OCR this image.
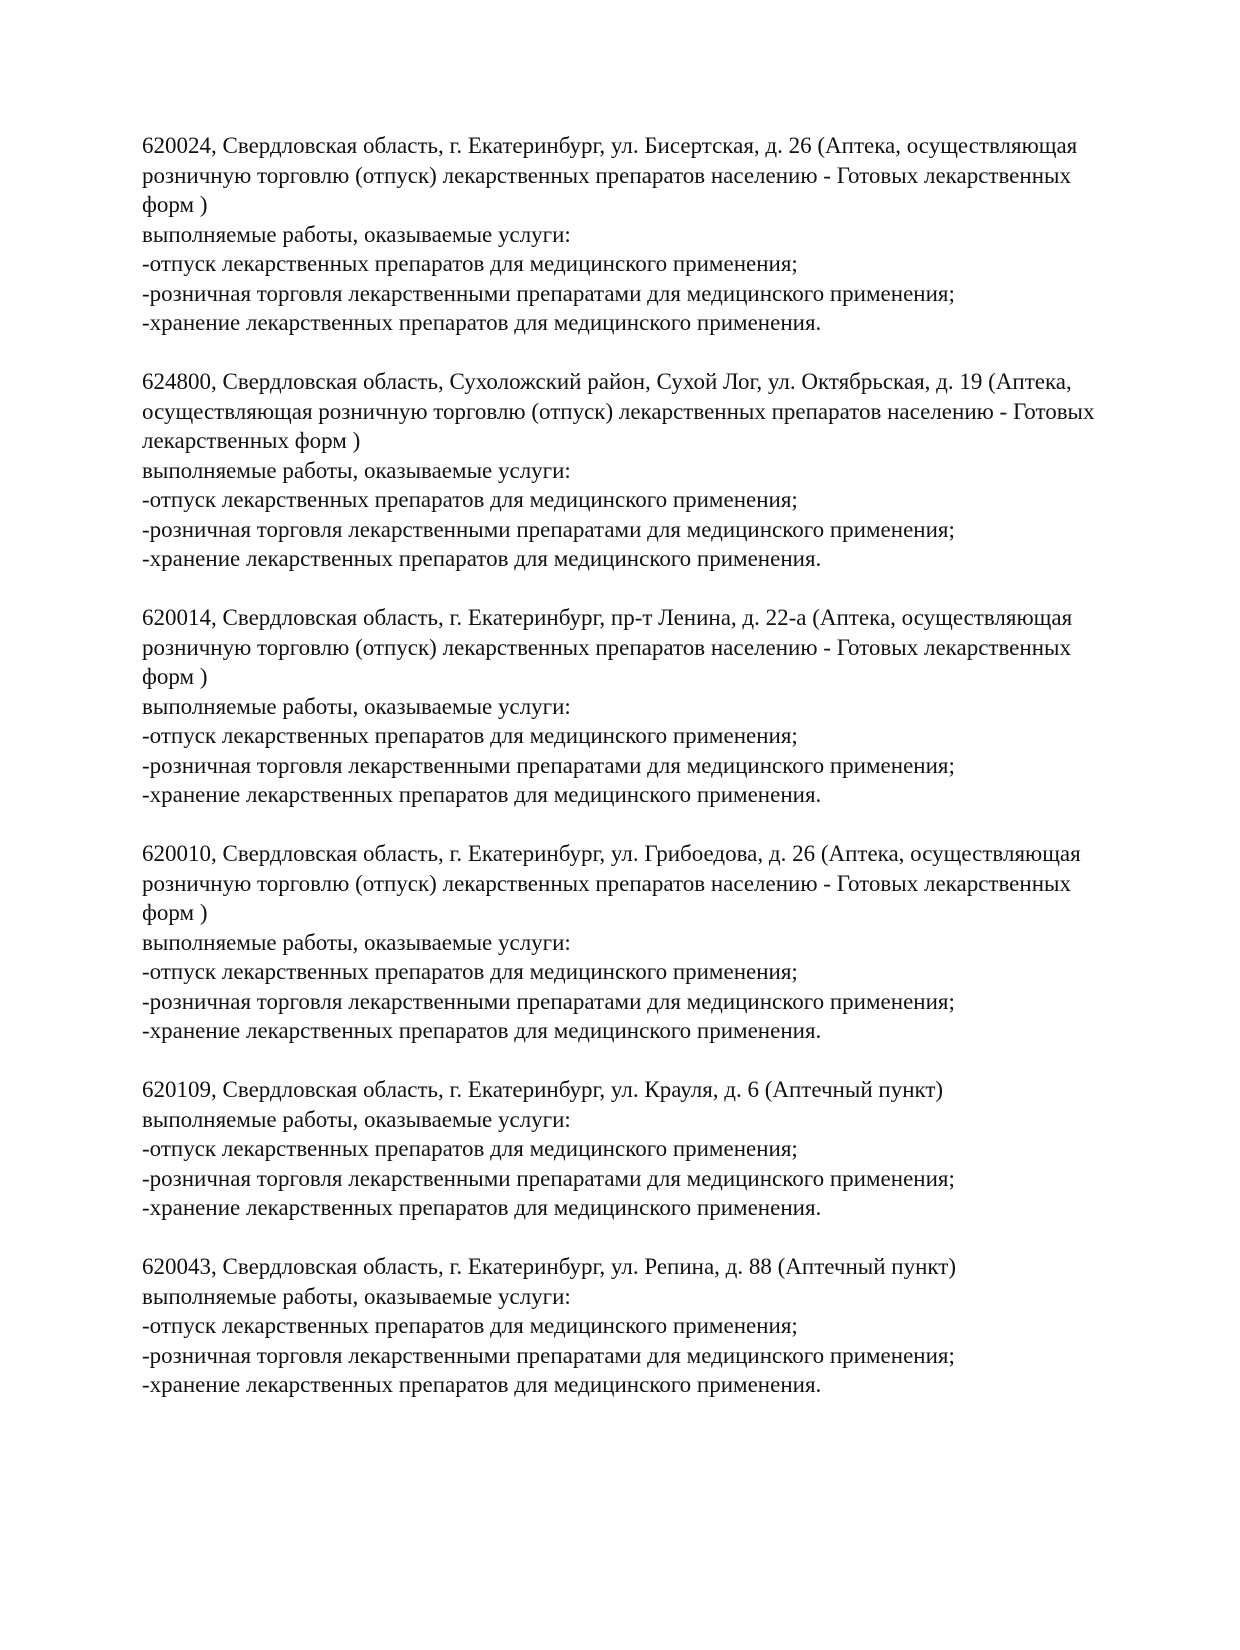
620024, Свердловская область, г. Екатеринбург, ул. Бисертская, д. 26 (Аптека, осуществляющая
розничную торговлю (отпуск) лекарственных препаратов населению - Готовых лекарственных
форм )
выполняемые работы, оказываемые услуги:
-отпуск лекарственных препаратов для медицинского применения;
-розничная торговля лекарственными препаратами для медицинского применения;
-хранение лекарственных препаратов для медицинского применения.
624800, Свердловская область, Сухоложский район, Сухой Лог, ул. Октябрьская, д. 19 (Аптека,
осуществляющая розничную торговлю (отпуск) лекарственных препаратов населению - Готовых
лекарственных форм )
выполняемые работы, оказываемые услуги:
-отпуск лекарственных препаратов для медицинского применения;
-розничная торговля лекарственными препаратами для медицинского применения;
-хранение лекарственных препаратов для медицинского применения.
620014, Свердловская область, г. Екатеринбург, пр-т Ленина, д. 22-а (Аптека, осуществляющая
розничную торговлю (отпуск) лекарственных препаратов населению - Готовых лекарственных
форм )
выполняемые работы, оказываемые услуги:
-отпуск лекарственных препаратов для медицинского применения;
-розничная торговля лекарственными препаратами для медицинского применения;
-хранение лекарственных препаратов для медицинского применения.
620010, Свердловская область, г. Екатеринбург, ул. Грибоедова, д. 26 (Аптека, осуществляющая
розничную торговлю (отпуск) лекарственных препаратов населению - Готовых лекарственных
форм )
выполняемые работы, оказываемые услуги:
-отпуск лекарственных препаратов для медицинского применения;
-розничная торговля лекарственными препаратами для медицинского применения;
-хранение лекарственных препаратов для медицинского применения.
620109, Свердловская область, г. Екатеринбург, ул. Крауля, д. 6 (Аптечный пункт)
выполняемые работы, оказываемые услуги:
-отпуск лекарственных препаратов для медицинского применения;
-розничная торговля лекарственными препаратами для медицинского применения;
-хранение лекарственных препаратов для медицинского применения.
620043, Свердловская область, г. Екатеринбург, ул. Репина, д. 88 (Аптечный пункт)
выполняемые работы, оказываемые услуги:
-отпуск лекарственных препаратов для медицинского применения;
-розничная торговля лекарственными препаратами для медицинского применения;
-хранение лекарственных препаратов для медицинского применения.
